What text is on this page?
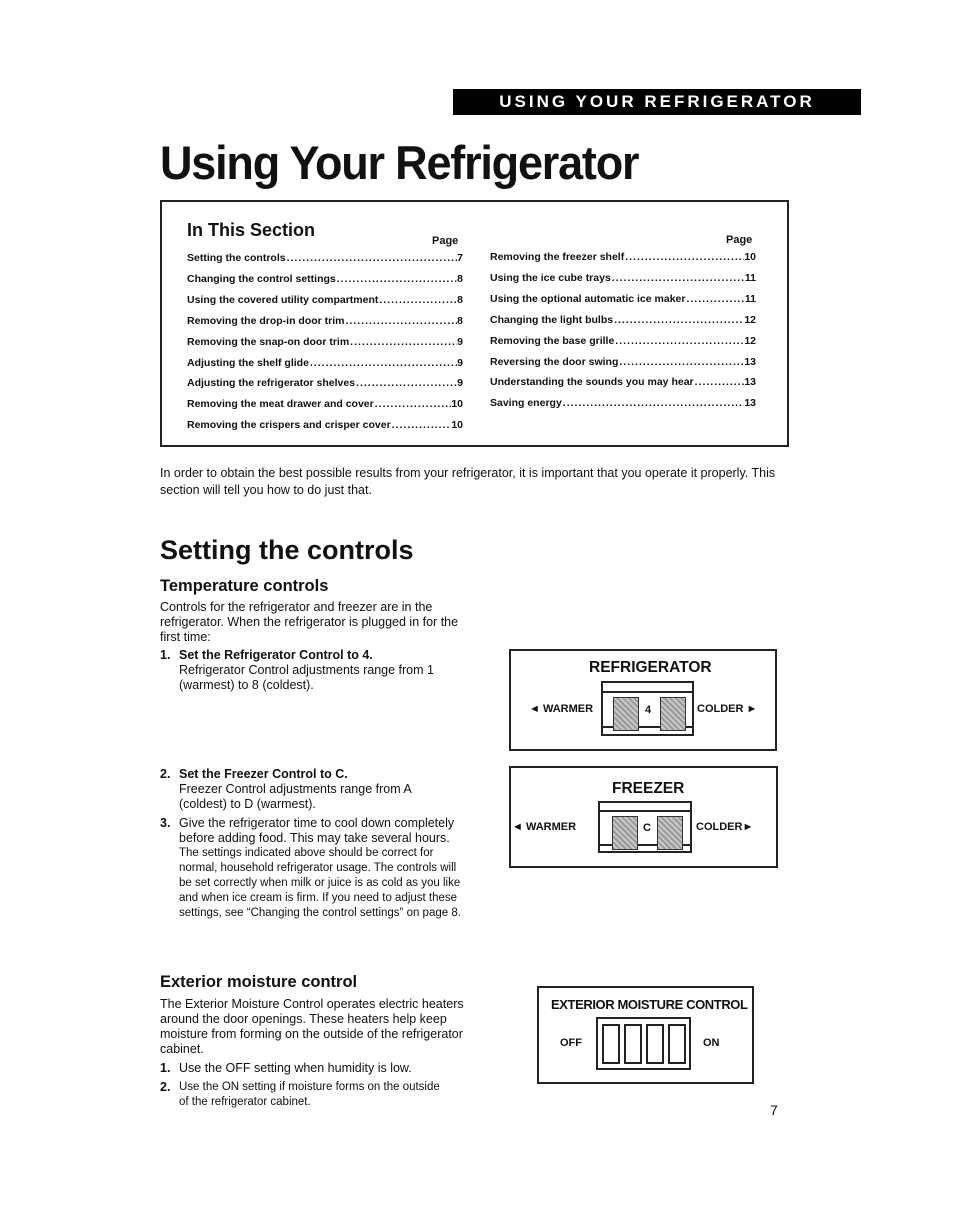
USING YOUR REFRIGERATOR
Using Your Refrigerator
In This Section
Page	Page
Setting the controls .....	7
Changing the control settings .....	8
Using the covered utility compartment .....	8
Removing the drop-in door trim .....	8
Removing the snap-on door trim .....	9
Adjusting the shelf glide .....	9
Adjusting the refrigerator shelves .....	9
Removing the meat drawer and cover .....	10
Removing the crispers and crisper cover .....	10
Removing the freezer shelf .....	10
Using the ice cube trays .....	11
Using the optional automatic ice maker .....	11
Changing the light bulbs .....	12
Removing the base grille .....	12
Reversing the door swing .....	13
Understanding the sounds you may hear .....	13
Saving energy .....	13
In order to obtain the best possible results from your refrigerator, it is important that you operate it properly. This section will tell you how to do just that.
Setting the controls
Temperature controls
Controls for the refrigerator and freezer are in the refrigerator. When the refrigerator is plugged in for the first time:
1. Set the Refrigerator Control to 4.
Refrigerator Control adjustments range from 1 (warmest) to 8 (coldest).
2. Set the Freezer Control to C.
Freezer Control adjustments range from A (coldest) to D (warmest).
3. Give the refrigerator time to cool down completely before adding food. This may take several hours.
The settings indicated above should be correct for normal, household refrigerator usage. The controls will be set correctly when milk or juice is as cold as you like and when ice cream is firm. If you need to adjust these settings, see “Changing the control settings” on page 8.
Exterior moisture control
The Exterior Moisture Control operates electric heaters around the door openings. These heaters help keep moisture from forming on the outside of the refrigerator cabinet.
1. Use the OFF setting when humidity is low.
2. Use the ON setting if moisture forms on the outside of the refrigerator cabinet.	7
REFRIGERATOR
◄ WARMER	4	COLDER ►
FREEZER
◄ WARMER	C	COLDER►
EXTERIOR MOISTURE CONTROL
OFF	ON
